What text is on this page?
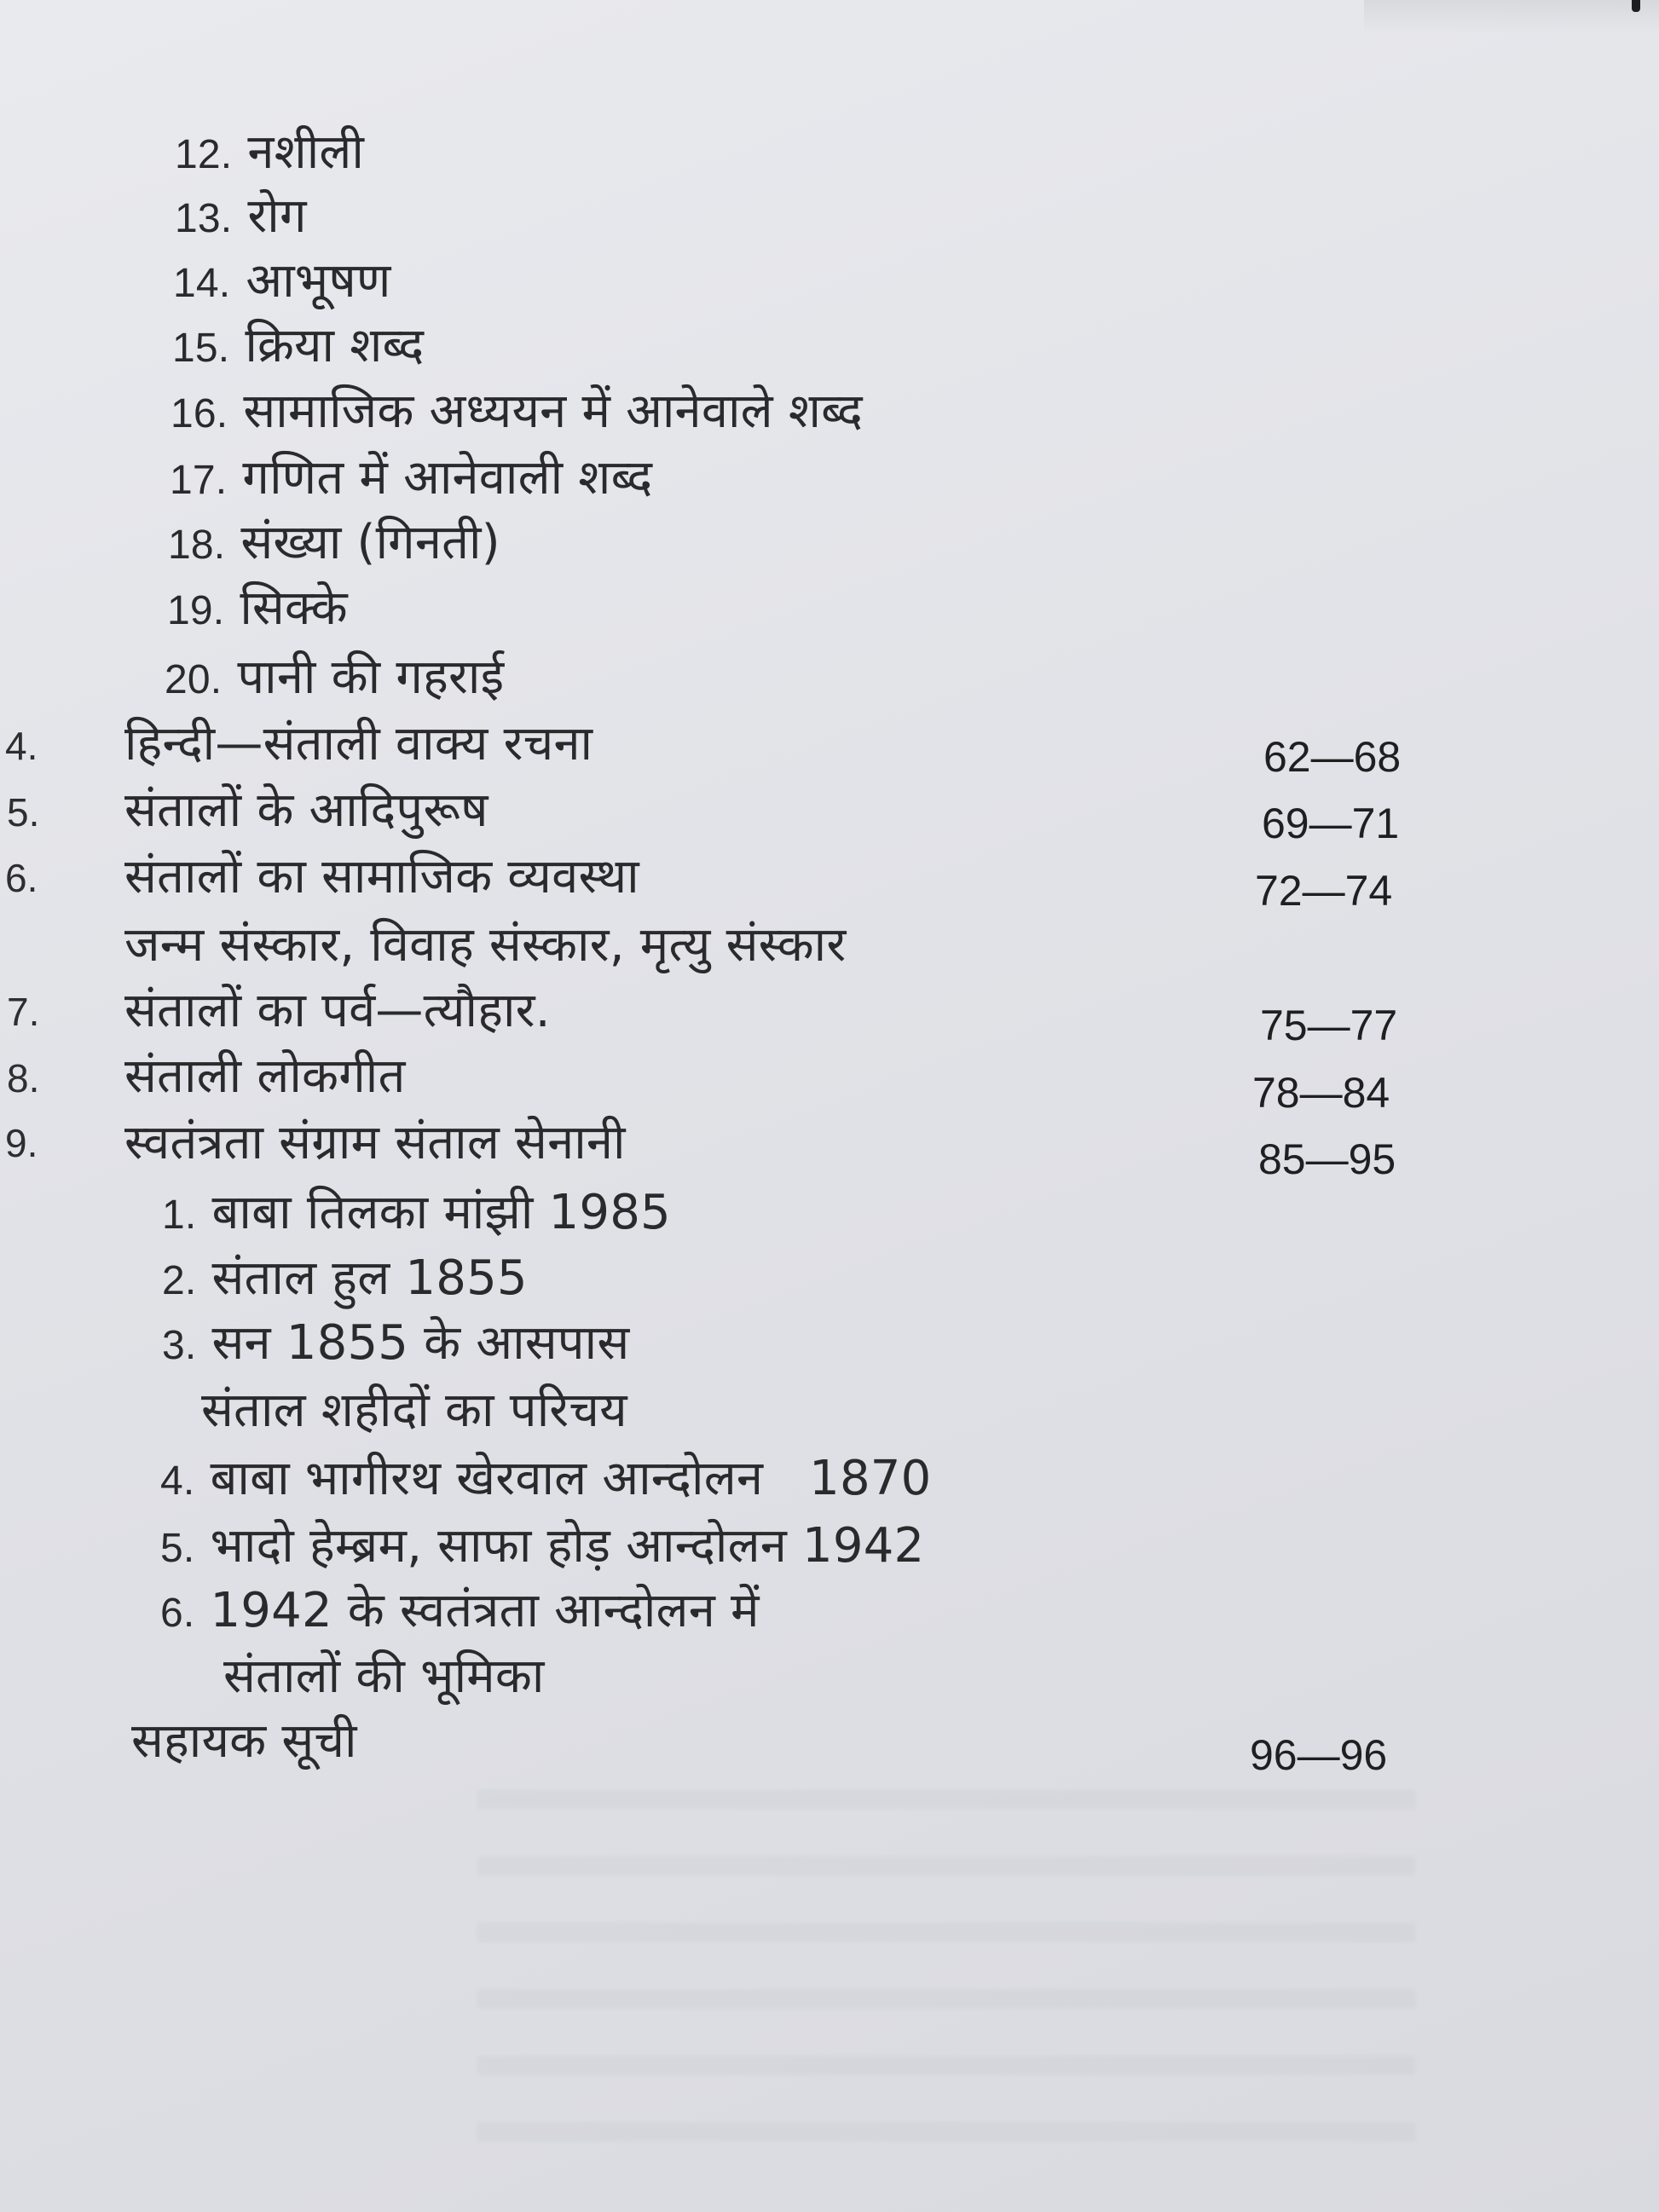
12. नशीली
13. रोग
14. आभूषण
15. क्रिया शब्द
16. सामाजिक अध्ययन में आनेवाले शब्द
17. गणित में आनेवाली शब्द
18. संख्या (गिनती)
19. सिक्के
20. पानी की गहराई
4. हिन्दी—संताली वाक्य रचना	62—68
5. संतालों के आदिपुरूष	69—71
6. संतालों का सामाजिक व्यवस्था	72—74
जन्म संस्कार, विवाह संस्कार, मृत्यु संस्कार
7. संतालों का पर्व—त्यौहार.	75—77
8. संताली लोकगीत	78—84
9. स्वतंत्रता संग्राम संताल सेनानी	85—95
1. बाबा तिलका मांझी 1985
2. संताल हुल 1855
3. सन 1855 के आसपास
संताल शहीदों का परिचय
4. बाबा भागीरथ खेरवाल आन्दोलन   1870
5. भादो हेम्ब्रम, साफा होड़ आन्दोलन 1942
6. 1942 के स्वतंत्रता आन्दोलन में
संतालों की भूमिका
सहायक सूची	96—96
